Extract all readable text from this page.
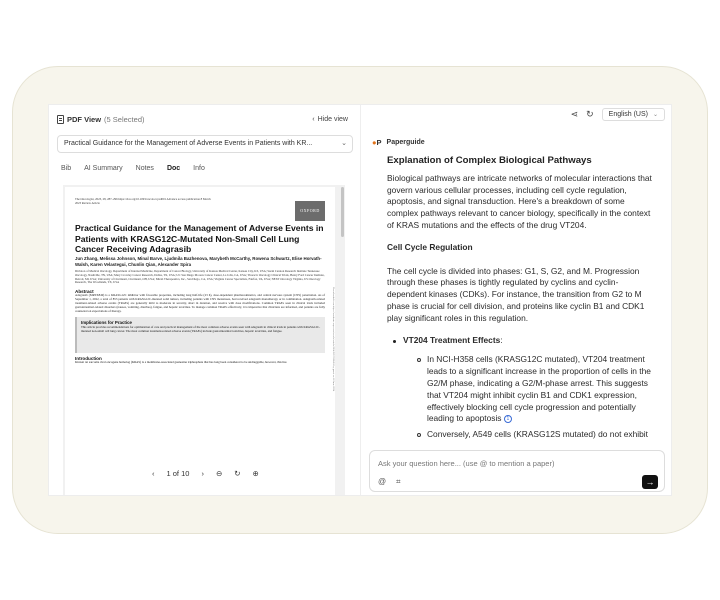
PDF View (5 Selected)	‹ Hide view
Practical Guidance for the Management of Adverse Events in Patients with KR...	⌄
Bib AI Summary Notes Doc Info
The Oncologist, 2023, 28, 287–296 https://doi.org/10.1093/oncolo/oyad001 Advance access publication 8 March 2023 Review Article
OXFORD
Practical Guidance for the Management of Adverse Events in Patients with KRASG12C-Mutated Non-Small Cell Lung Cancer Receiving Adagrasib
Jun Zhang, Melissa Johnson, Minal Barve, Ljudmila Bazhenova, Marybeth McCarthy, Rowena Schwartz, Elise Horvath-Walsh, Karen Velastegui, Chunlin Qian, Alexander Spira
Division of Medical Oncology, Department of Internal Medicine, Department of Cancer Biology, University of Kansas Medical Center, Kansas City, KS, USA; Sarah Cannon Research Institute Tennessee Oncology, Nashville, TN, USA; Mary Crowley Cancer Research, Dallas, TX, USA; UC San Diego Moores Cancer Center, La Jolla, CA, USA; Thoracic Oncology Clinical Trials, Henry Ford Cancer Institute, Detroit, MI, USA; University of Cincinnati, Cincinnati, OH, USA; Mirati Therapeutics, Inc., San Diego, CA, USA; Virginia Cancer Specialists, Fairfax, VA, USA; NEXT Oncology Virginia, US Oncology Research, The Woodlands, TX, USA
Abstract
Adagrasib (MRTX849) is a KRASG12C inhibitor with favorable properties, including long half-life (23 h), dose-dependent pharmacokinetics, and central nervous system (CNS) penetration. As of September 1, 2022, a total of 853 patients with KRASG12C-mutated solid tumors, including patients with CNS metastases, had received adagrasib monotherapy or in combination. Adagrasib-related treatment-related adverse events (TRAEs) are generally mild to moderate in severity, short in duration, and resolve with dose modifications. Common TRAEs seen in clinical trials included gastrointestinal-related disorders (nausea, vomiting, diarrhea), fatigue, and hepatic toxicities. To manage common TRAEs effectively, it is imperative that clinicians are informed, and patients are fully counseled on expectations of therapy.
Implications for Practice
This article provides recommendations for optimization of care and practical management of the most common adverse events seen with adagrasib in clinical trials in patients with KRASG12C-mutated non-small cell lung cancer. The most common treatment-related adverse events (TRAEs) include gastrointestinal toxicities, hepatic toxicities, and fatigue.
Introduction
Kirsten rat sarcoma viral oncogene homolog (KRAS) is a membrane-associated guanosine triphosphate that has long been considered to be undruggable, however, this has	Downloaded from https://academic.oup.com/oncolo/article/28/4/287/7068451 by guest on 18 June 2024
‹ 1 of 10 › ⊖ ↻ ⊕
⋖ ↻ English (US) ⌄
●P Paperguide
Explanation of Complex Biological Pathways

Biological pathways are intricate networks of molecular interactions that govern various cellular processes, including cell cycle regulation, apoptosis, and signal transduction. Here's a breakdown of some complex pathways relevant to cancer biology, specifically in the context of KRAS mutations and the effects of the drug VT204.

Cell Cycle Regulation

The cell cycle is divided into phases: G1, S, G2, and M. Progression through these phases is tightly regulated by cyclins and cyclin-dependent kinases (CDKs). For instance, the transition from G2 to M phase is crucial for cell division, and proteins like cyclin B1 and CDK1 play significant roles in this regulation.

VT204 Treatment Effects:
In NCI-H358 cells (KRASG12C mutated), VT204 treatment leads to a significant increase in the proportion of cells in the G2/M phase, indicating a G2/M-phase arrest. This suggests that VT204 might inhibit cyclin B1 and CDK1 expression, effectively blocking cell cycle progression and potentially leading to apoptosis 1
Conversely, A549 cells (KRASG12S mutated) do not exhibit
Ask your question here... (use @ to mention a paper)
@ ⌗	→
